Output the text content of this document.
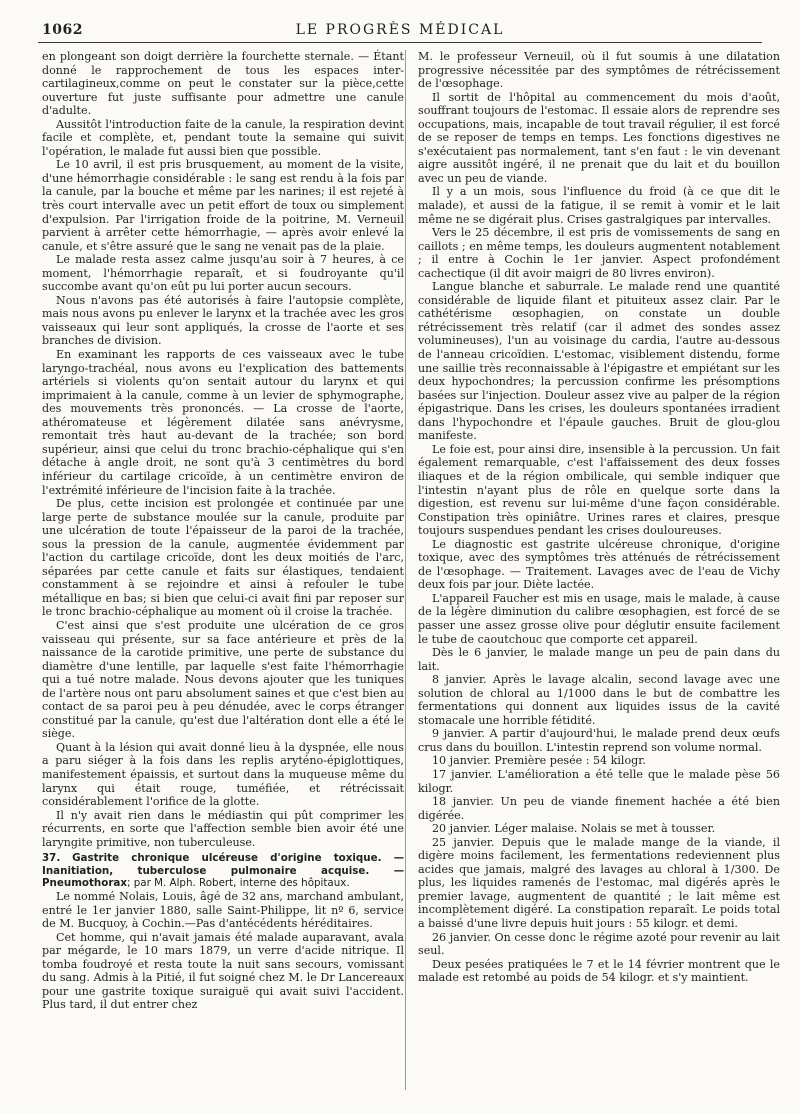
1062	LE PROGRÈS MÉDICAL

en plongeant son doigt derrière la fourchette sternale. — Étant donné le rapprochement de tous les espaces inter-cartilagineux,comme on peut le constater sur la pièce,cette ouverture fut juste suffisante pour admettre une canule d'adulte.

Aussitôt l'introduction faite de la canule, la respiration devint facile et complète, et, pendant toute la semaine qui suivit l'opération, le malade fut aussi bien que possible.

Le 10 avril, il est pris brusquement, au moment de la visite, d'une hémorrhagie considérable : le sang est rendu à la fois par la canule, par la bouche et même par les narines; il est rejeté à très court intervalle avec un petit effort de toux ou simplement d'expulsion. Par l'irrigation froide de la poitrine, M. Verneuil parvient à arrêter cette hémorrhagie, — après avoir enlevé la canule, et s'être assuré que le sang ne venait pas de la plaie.

Le malade resta assez calme jusqu'au soir à 7 heures, à ce moment, l'hémorrhagie reparaît, et si foudroyante qu'il succombe avant qu'on eût pu lui porter aucun secours.

Nous n'avons pas été autorisés à faire l'autopsie complète, mais nous avons pu enlever le larynx et la trachée avec les gros vaisseaux qui leur sont appliqués, la crosse de l'aorte et ses branches de division.

En examinant les rapports de ces vaisseaux avec le tube laryngo-trachéal, nous avons eu l'explication des battements artériels si violents qu'on sentait autour du larynx et qui imprimaient à la canule, comme à un levier de sphymographe, des mouvements très prononcés. — La crosse de l'aorte, athéromateuse et légèrement dilatée sans anévrysme, remontait très haut au-devant de la trachée; son bord supérieur, ainsi que celui du tronc brachio-céphalique qui s'en détache à angle droit, ne sont qu'à 3 centimètres du bord inférieur du cartilage cricoïde, à un centimètre environ de l'extrémité inférieure de l'incision faite à la trachée.

De plus, cette incision est prolongée et continuée par une large perte de substance moulée sur la canule, produite par une ulcération de toute l'épaisseur de la paroi de la trachée, sous la pression de la canule, augmentée évidemment par l'action du cartilage cricoïde, dont les deux moitiés de l'arc, séparées par cette canule et faits sur élastiques, tendaient constamment à se rejoindre et ainsi à refouler le tube métallique en bas; si bien que celui-ci avait fini par reposer sur le tronc brachio-céphalique au moment où il croise la trachée.

C'est ainsi que s'est produite une ulcération de ce gros vaisseau qui présente, sur sa face antérieure et près de la naissance de la carotide primitive, une perte de substance du diamètre d'une lentille, par laquelle s'est faite l'hémorrhagie qui a tué notre malade. Nous devons ajouter que les tuniques de l'artère nous ont paru absolument saines et que c'est bien au contact de sa paroi peu à peu dénudée, avec le corps étranger constitué par la canule, qu'est due l'altération dont elle a été le siège.

Quant à la lésion qui avait donné lieu à la dyspnée, elle nous a paru siéger à la fois dans les replis aryténo-épiglottiques, manifestement épaissis, et surtout dans la muqueuse même du larynx qui était rouge, tuméfiée, et rétrécissait considérablement l'orifice de la glotte.

Il n'y avait rien dans le médiastin qui pût comprimer les récurrents, en sorte que l'affection semble bien avoir été une laryngite primitive, non tuberculeuse.

37. Gastrite chronique ulcéreuse d'origine toxique. — Inanitiation, tuberculose pulmonaire acquise. — Pneumothorax; par M. Alph. Robert, interne des hôpitaux.

Le nommé Nolais, Louis, âgé de 32 ans, marchand ambulant, entré le 1er janvier 1880, salle Saint-Philippe, lit nº 6, service de M. Bucquoy, à Cochin.—Pas d'antécédents héréditaires.

Cet homme, qui n'avait jamais été malade auparavant, avala par mégarde, le 10 mars 1879, un verre d'acide nitrique. Il tomba foudroyé et resta toute la nuit sans secours, vomissant du sang. Admis à la Pitié, il fut soigné chez M. le Dr Lancereaux pour une gastrite toxique suraiguë qui avait suivi l'accident. Plus tard, il dut entrer chez

M. le professeur Verneuil, où il fut soumis à une dilatation progressive nécessitée par des symptômes de rétrécissement de l'œsophage.

Il sortit de l'hôpital au commencement du mois d'août, souffrant toujours de l'estomac. Il essaie alors de reprendre ses occupations, mais, incapable de tout travail régulier, il est forcé de se reposer de temps en temps. Les fonctions digestives ne s'exécutaient pas normalement, tant s'en faut : le vin devenant aigre aussitôt ingéré, il ne prenait que du lait et du bouillon avec un peu de viande.

Il y a un mois, sous l'influence du froid (à ce que dit le malade), et aussi de la fatigue, il se remit à vomir et le lait même ne se digérait plus. Crises gastralgiques par intervalles.

Vers le 25 décembre, il est pris de vomissements de sang en caillots ; en même temps, les douleurs augmentent notablement ; il entre à Cochin le 1er janvier. Aspect profondément cachectique (il dit avoir maigri de 80 livres environ).

Langue blanche et saburrale. Le malade rend une quantité considérable de liquide filant et pituiteux assez clair. Par le cathétérisme œsophagien, on constate un double rétrécissement très relatif (car il admet des sondes assez volumineuses), l'un au voisinage du cardia, l'autre au-dessous de l'anneau cricoïdien. L'estomac, visiblement distendu, forme une saillie très reconnaissable à l'épigastre et empiétant sur les deux hypochondres; la percussion confirme les présomptions basées sur l'injection. Douleur assez vive au palper de la région épigastrique. Dans les crises, les douleurs spontanées irradient dans l'hypochondre et l'épaule gauches. Bruit de glou-glou manifeste.

Le foie est, pour ainsi dire, insensible à la percussion. Un fait également remarquable, c'est l'affaissement des deux fosses iliaques et de la région ombilicale, qui semble indiquer que l'intestin n'ayant plus de rôle en quelque sorte dans la digestion, est revenu sur lui-même d'une façon considérable. Constipation très opiniâtre. Urines rares et claires, presque toujours suspendues pendant les crises douloureuses.

Le diagnostic est gastrite ulcéreuse chronique, d'origine toxique, avec des symptômes très atténués de rétrécissement de l'œsophage. — Traitement. Lavages avec de l'eau de Vichy deux fois par jour. Diète lactée.

L'appareil Faucher est mis en usage, mais le malade, à cause de la légère diminution du calibre œsophagien, est forcé de se passer une assez grosse olive pour déglutir ensuite facilement le tube de caoutchouc que comporte cet appareil.

Dès le 6 janvier, le malade mange un peu de pain dans du lait.

8 janvier. Après le lavage alcalin, second lavage avec une solution de chloral au 1/1000 dans le but de combattre les fermentations qui donnent aux liquides issus de la cavité stomacale une horrible fétidité.

9 janvier. A partir d'aujourd'hui, le malade prend deux œufs crus dans du bouillon. L'intestin reprend son volume normal.

10 janvier. Première pesée : 54 kilogr.

17 janvier. L'amélioration a été telle que le malade pèse 56 kilogr.

18 janvier. Un peu de viande finement hachée a été bien digérée.

20 janvier. Léger malaise. Nolais se met à tousser.

25 janvier. Depuis que le malade mange de la viande, il digère moins facilement, les fermentations redeviennent plus acides que jamais, malgré des lavages au chloral à 1/300. De plus, les liquides ramenés de l'estomac, mal digérés après le premier lavage, augmentent de quantité ; le lait même est incomplètement digéré. La constipation reparaît. Le poids total a baissé d'une livre depuis huit jours : 55 kilogr. et demi.

26 janvier. On cesse donc le régime azoté pour revenir au lait seul.

Deux pesées pratiquées le 7 et le 14 février montrent que le malade est retombé au poids de 54 kilogr. et s'y maintient.
